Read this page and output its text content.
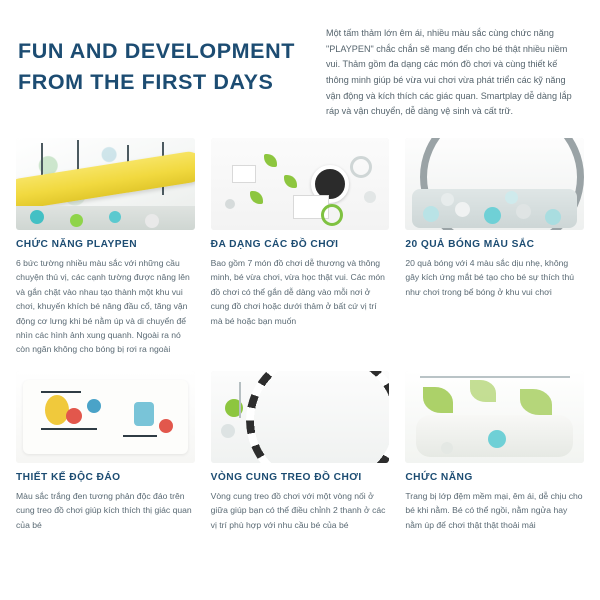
FUN AND DEVELOPMENT
FROM THE FIRST DAYS
Một tấm thảm lớn êm ái, nhiều màu sắc cùng chức năng "PLAYPEN" chắc chắn sẽ mang đến cho bé thật nhiều niềm vui. Thảm gồm đa dạng các món đồ chơi và cùng thiết kế thông minh giúp bé vừa vui chơi vừa phát triển các kỹ năng vận động và kích thích các giác quan. Smartplay dễ dàng lắp ráp và vận chuyển, dễ dàng vệ sinh và cất trữ.
CHỨC NĂNG PLAYPEN
6 bức tường nhiều màu sắc với những cầu chuyện thú vị, các cạnh tường được nâng lên và gắn chặt vào nhau tạo thành một khu vui chơi, khuyến khích bé nâng đầu cổ, tăng vận động cơ lưng khi bé nằm úp và di chuyển để nhìn các hình ảnh xung quanh. Ngoài ra nó còn ngăn không cho bóng bị rơi ra ngoài
ĐA DẠNG CÁC ĐỒ CHƠI
Bao gồm 7 món đồ chơi dễ thương và thông minh, bé vừa chơi, vừa học thật vui. Các món đồ chơi có thể gắn dễ dàng vào mỗi nơi ở cung đồ chơi hoặc dưới thảm ở bất cứ vị trí mà bé hoặc bạn muốn
20 QUẢ BÓNG MÀU SẮC
20 quả bóng với 4 màu sắc dịu nhẹ, không gây kích ứng mắt bé tạo cho bé sự thích thú như chơi trong bể bóng ở khu vui chơi
THIẾT KẾ ĐỘC ĐÁO
Màu sắc trắng đen tương phản độc đáo trên cung treo đồ chơi giúp kích thích thị giác quan của bé
VÒNG CUNG TREO ĐỒ CHƠI
Vòng cung treo đồ chơi với một vòng nối ở giữa giúp bạn có thể điều chỉnh 2 thanh ở các vị trí phù hợp với nhu cầu bé của bé
CHỨC NĂNG
Trang bị lớp đệm mềm mại, êm ái, dễ chịu cho bé khi nằm. Bé có thể ngồi, nằm ngửa hay nằm úp để chơi thật thật thoải mái
